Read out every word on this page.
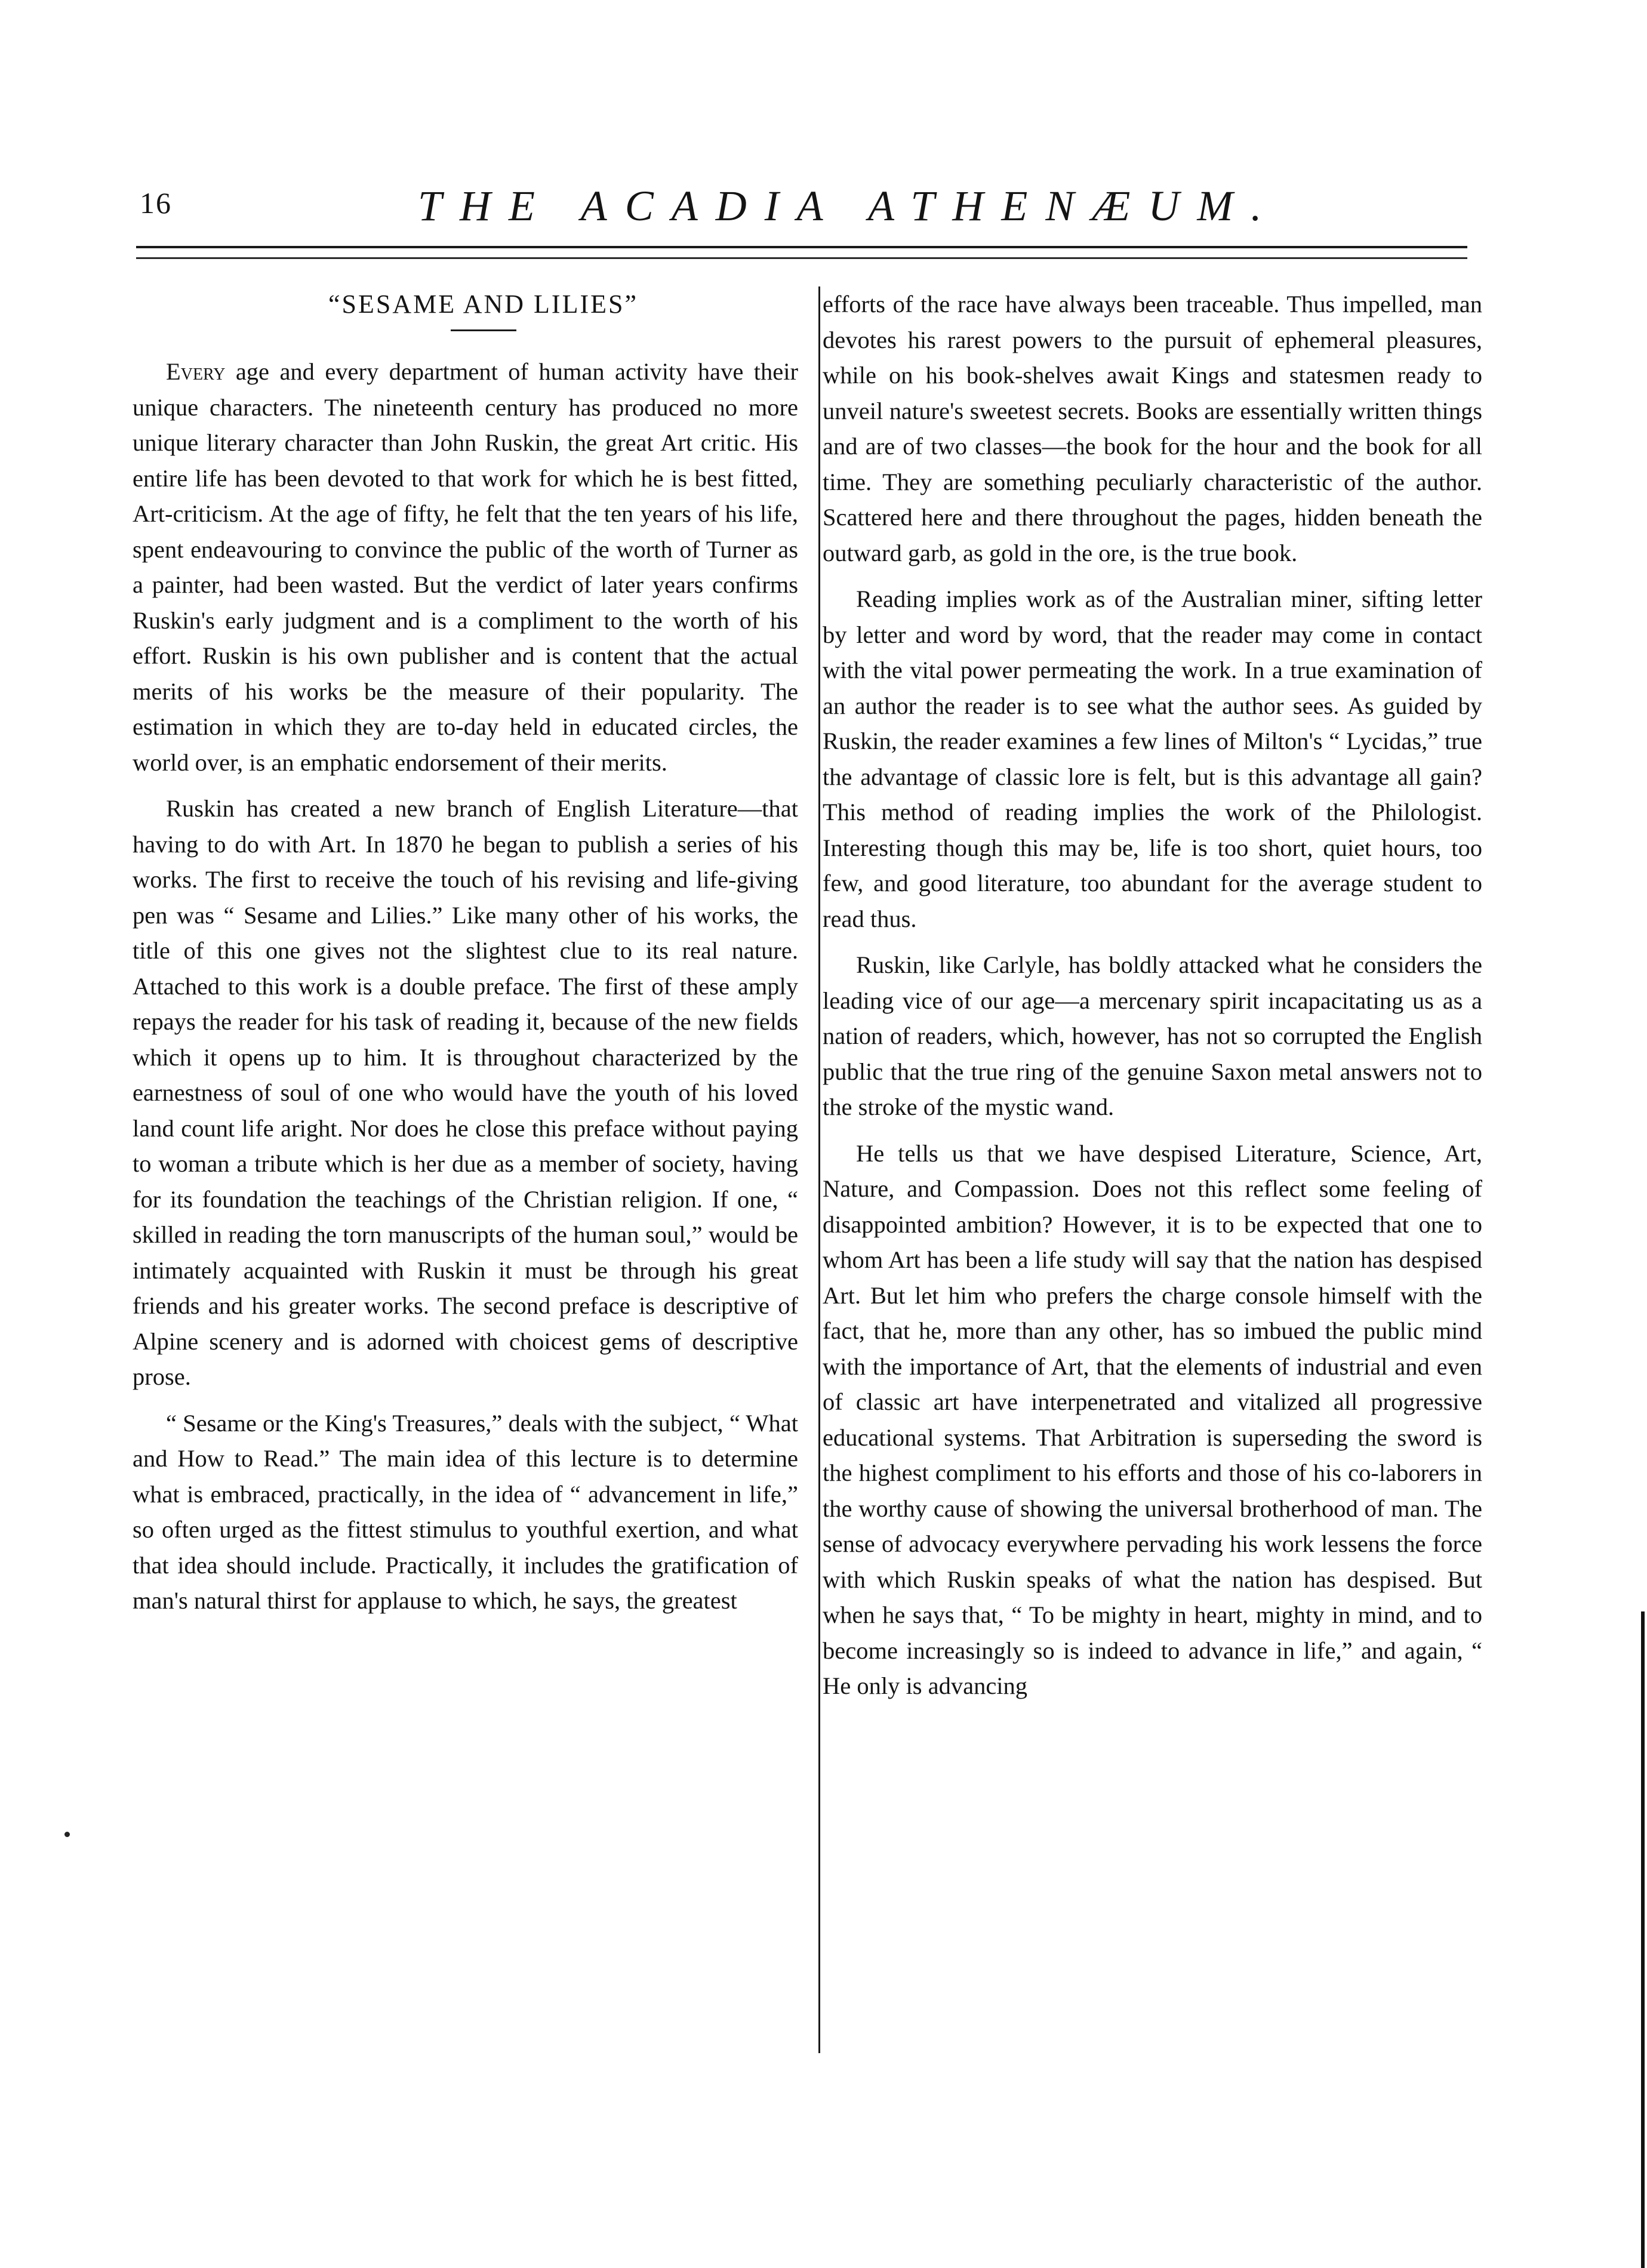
16	THE ACADIA ATHENÆUM.
“SESAME AND LILIES”

Every age and every department of human activity have their unique characters. The nineteenth century has produced no more unique literary character than John Ruskin, the great Art critic. His entire life has been devoted to that work for which he is best fitted, Art-criticism. At the age of fifty, he felt that the ten years of his life, spent endeavouring to convince the public of the worth of Turner as a painter, had been wasted. But the verdict of later years confirms Ruskin's early judgment and is a compliment to the worth of his effort. Ruskin is his own publisher and is content that the actual merits of his works be the measure of their popularity. The estimation in which they are to-day held in educated circles, the world over, is an emphatic endorsement of their merits.

Ruskin has created a new branch of English Literature—that having to do with Art. In 1870 he began to publish a series of his works. The first to receive the touch of his revising and life-giving pen was “ Sesame and Lilies.” Like many other of his works, the title of this one gives not the slightest clue to its real nature. Attached to this work is a double preface. The first of these amply repays the reader for his task of reading it, because of the new fields which it opens up to him. It is throughout characterized by the earnestness of soul of one who would have the youth of his loved land count life aright. Nor does he close this preface without paying to woman a tribute which is her due as a member of society, having for its foundation the teachings of the Christian religion. If one, “ skilled in reading the torn manuscripts of the human soul,” would be intimately acquainted with Ruskin it must be through his great friends and his greater works. The second preface is descriptive of Alpine scenery and is adorned with choicest gems of descriptive prose.

“ Sesame or the King's Treasures,” deals with the subject, “ What and How to Read.” The main idea of this lecture is to determine what is embraced, practically, in the idea of “ advancement in life,” so often urged as the fittest stimulus to youthful exertion, and what that idea should include. Practically, it includes the gratification of man's natural thirst for applause to which, he says, the greatest

efforts of the race have always been traceable. Thus impelled, man devotes his rarest powers to the pursuit of ephemeral pleasures, while on his book-shelves await Kings and statesmen ready to unveil nature's sweetest secrets. Books are essentially written things and are of two classes—the book for the hour and the book for all time. They are something peculiarly characteristic of the author. Scattered here and there throughout the pages, hidden beneath the outward garb, as gold in the ore, is the true book.

Reading implies work as of the Australian miner, sifting letter by letter and word by word, that the reader may come in contact with the vital power permeating the work. In a true examination of an author the reader is to see what the author sees. As guided by Ruskin, the reader examines a few lines of Milton's “ Lycidas,” true the advantage of classic lore is felt, but is this advantage all gain? This method of reading implies the work of the Philologist. Interesting though this may be, life is too short, quiet hours, too few, and good literature, too abundant for the average student to read thus.

Ruskin, like Carlyle, has boldly attacked what he considers the leading vice of our age—a mercenary spirit incapacitating us as a nation of readers, which, however, has not so corrupted the English public that the true ring of the genuine Saxon metal answers not to the stroke of the mystic wand.

He tells us that we have despised Literature, Science, Art, Nature, and Compassion. Does not this reflect some feeling of disappointed ambition? However, it is to be expected that one to whom Art has been a life study will say that the nation has despised Art. But let him who prefers the charge console himself with the fact, that he, more than any other, has so imbued the public mind with the importance of Art, that the elements of industrial and even of classic art have interpenetrated and vitalized all progressive educational systems. That Arbitration is superseding the sword is the highest compliment to his efforts and those of his co-laborers in the worthy cause of showing the universal brotherhood of man. The sense of advocacy everywhere pervading his work lessens the force with which Ruskin speaks of what the nation has despised. But when he says that, “ To be mighty in heart, mighty in mind, and to become increasingly so is indeed to advance in life,” and again, “ He only is advancing
